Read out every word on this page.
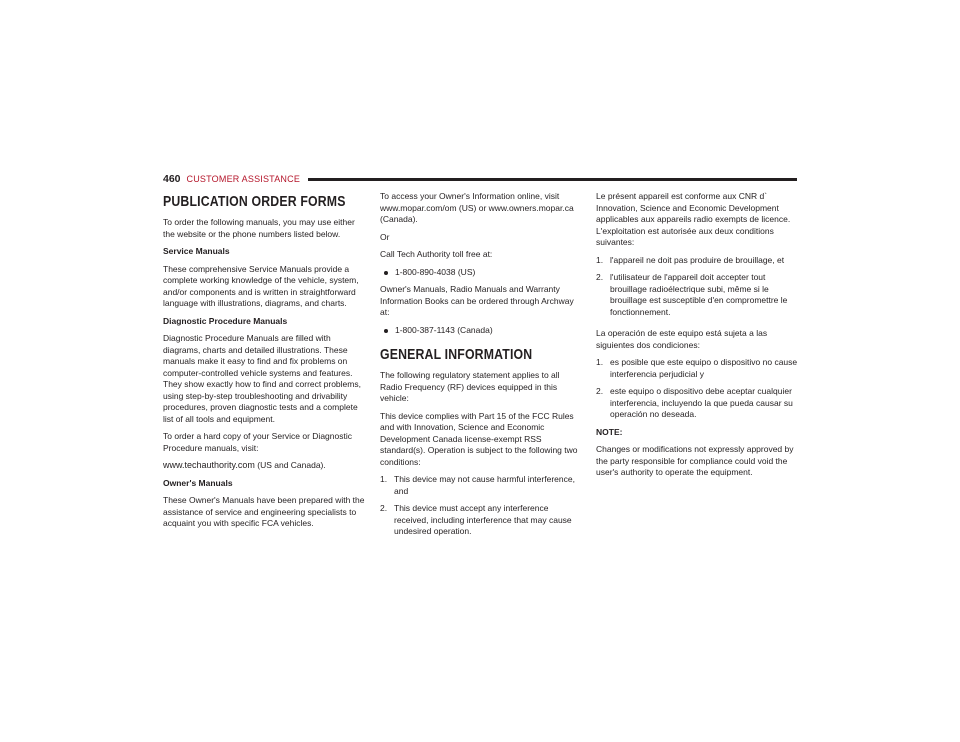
460 CUSTOMER ASSISTANCE
PUBLICATION ORDER FORMS

To order the following manuals, you may use either the website or the phone numbers listed below.

Service Manuals

These comprehensive Service Manuals provide a complete working knowledge of the vehicle, system, and/or components and is written in straightforward language with illustrations, diagrams, and charts.

Diagnostic Procedure Manuals

Diagnostic Procedure Manuals are filled with diagrams, charts and detailed illustrations. These manuals make it easy to find and fix problems on computer-controlled vehicle systems and features. They show exactly how to find and correct problems, using step-by-step troubleshooting and drivability procedures, proven diagnostic tests and a complete list of all tools and equipment.

To order a hard copy of your Service or Diagnostic Procedure manuals, visit:

www.techauthority.com (US and Canada).

Owner's Manuals

These Owner's Manuals have been prepared with the assistance of service and engineering specialists to acquaint you with specific FCA vehicles.

To access your Owner's Information online, visit www.mopar.com/om (US) or www.owners.mopar.ca (Canada).

Or

Call Tech Authority toll free at:

1-800-890-4038 (US)

Owner's Manuals, Radio Manuals and Warranty Information Books can be ordered through Archway at:

1-800-387-1143 (Canada)
GENERAL INFORMATION

The following regulatory statement applies to all Radio Frequency (RF) devices equipped in this vehicle:

This device complies with Part 15 of the FCC Rules and with Innovation, Science and Economic Development Canada license-exempt RSS standard(s). Operation is subject to the following two conditions:

1. This device may not cause harmful interference, and
2. This device must accept any interference received, including interference that may cause undesired operation.

Le présent appareil est conforme aux CNR d` Innovation, Science and Economic Development applicables aux appareils radio exempts de licence. L'exploitation est autorisée aux deux conditions suivantes:

1. l'appareil ne doit pas produire de brouillage, et
2. l'utilisateur de l'appareil doit accepter tout brouillage radioélectrique subi, même si le brouillage est susceptible d'en compromettre le fonctionnement.

La operación de este equipo está sujeta a las siguientes dos condiciones:

1. es posible que este equipo o dispositivo no cause interferencia perjudicial y
2. este equipo o dispositivo debe aceptar cualquier interferencia, incluyendo la que pueda causar su operación no deseada.

NOTE:

Changes or modifications not expressly approved by the party responsible for compliance could void the user's authority to operate the equipment.
